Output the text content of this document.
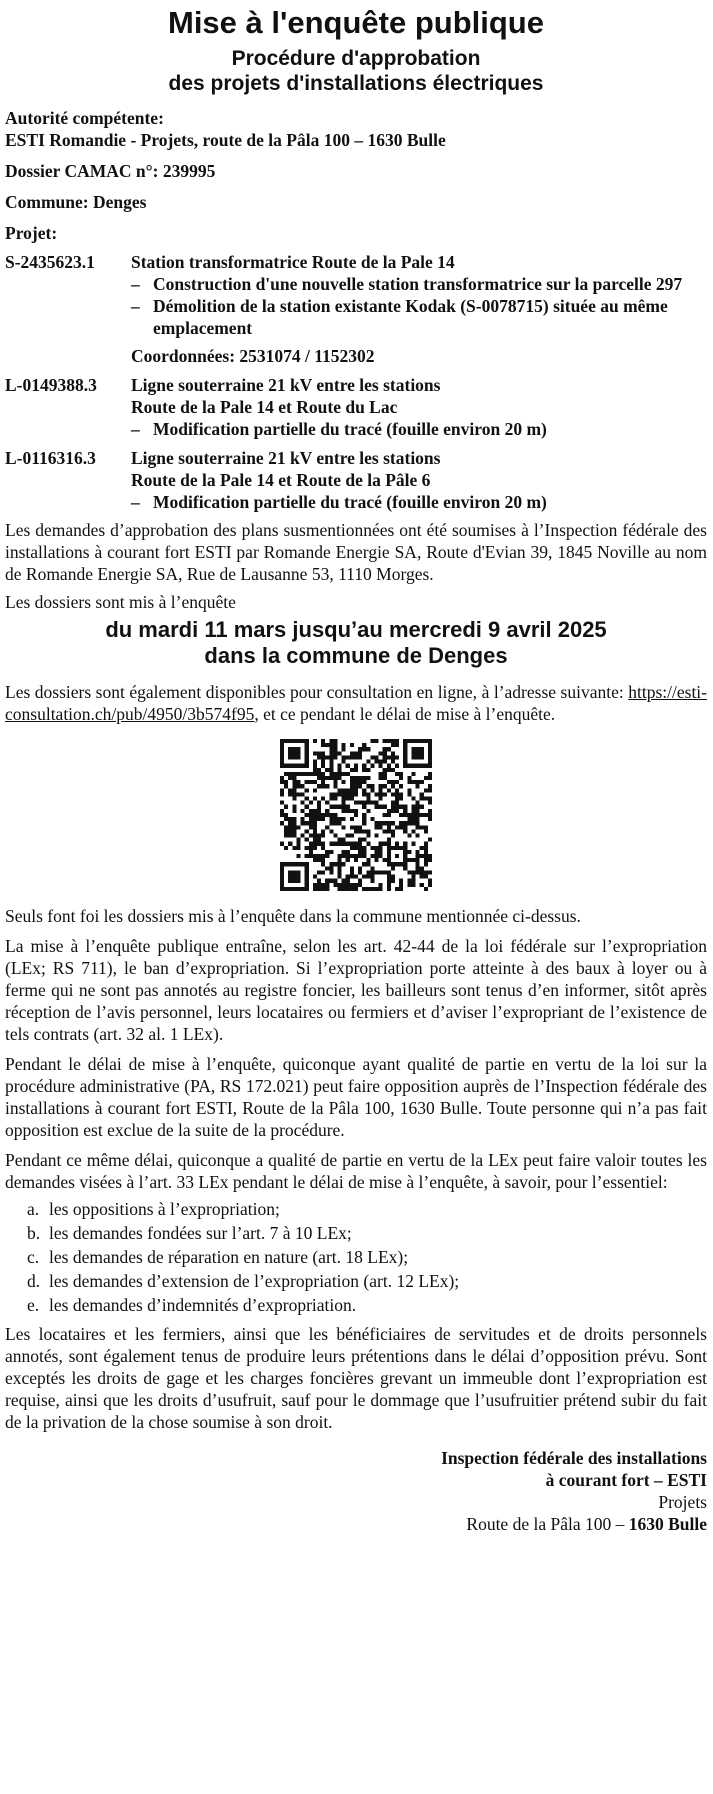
Mise à l'enquête publique
Procédure d'approbation
des projets d'installations électriques
Autorité compétente:
ESTI Romandie - Projets, route de la Pâla 100 – 1630 Bulle
Dossier CAMAC n°: 239995
Commune: Denges
Projet:
S-2435623.1	Station transformatrice Route de la Pale 14
– Construction d'une nouvelle station transformatrice sur la parcelle 297
– Démolition de la station existante Kodak (S-0078715) située au même emplacement
Coordonnées: 2531074 / 1152302
L-0149388.3	Ligne souterraine 21 kV entre les stations
Route de la Pale 14 et Route du Lac
– Modification partielle du tracé (fouille environ 20 m)
L-0116316.3	Ligne souterraine 21 kV entre les stations
Route de la Pale 14 et Route de la Pâle 6
– Modification partielle du tracé (fouille environ 20 m)

Les demandes d’approbation des plans susmentionnées ont été soumises à l’Inspection fédérale des installations à courant fort ESTI par Romande Energie SA, Route d'Evian 39, 1845 Noville au nom de Romande Energie SA, Rue de Lausanne 53, 1110 Morges.

Les dossiers sont mis à l’enquête

du mardi 11 mars jusqu’au mercredi 9 avril 2025
dans la commune de Denges

Les dossiers sont également disponibles pour consultation en ligne, à l’adresse suivante: https://esti-consultation.ch/pub/4950/3b574f95, et ce pendant le délai de mise à l’enquête.

Seuls font foi les dossiers mis à l’enquête dans la commune mentionnée ci-dessus.

La mise à l’enquête publique entraîne, selon les art. 42-44 de la loi fédérale sur l’expropriation (LEx; RS 711), le ban d’expropriation. Si l’expropriation porte atteinte à des baux à loyer ou à ferme qui ne sont pas annotés au registre foncier, les bailleurs sont tenus d’en informer, sitôt après réception de l’avis personnel, leurs locataires ou fermiers et d’aviser l’expropriant de l’existence de tels contrats (art. 32 al. 1 LEx).

Pendant le délai de mise à l’enquête, quiconque ayant qualité de partie en vertu de la loi sur la procédure administrative (PA, RS 172.021) peut faire opposition auprès de l’Inspection fédérale des installations à courant fort ESTI, Route de la Pâla 100, 1630 Bulle. Toute personne qui n’a pas fait opposition est exclue de la suite de la procédure.

Pendant ce même délai, quiconque a qualité de partie en vertu de la LEx peut faire valoir toutes les demandes visées à l’art. 33 LEx pendant le délai de mise à l’enquête, à savoir, pour l’essentiel:

a. les oppositions à l’expropriation;
b. les demandes fondées sur l’art. 7 à 10 LEx;
c. les demandes de réparation en nature (art. 18 LEx);
d. les demandes d’extension de l’expropriation (art. 12 LEx);
e. les demandes d’indemnités d’expropriation.

Les locataires et les fermiers, ainsi que les bénéficiaires de servitudes et de droits personnels annotés, sont également tenus de produire leurs prétentions dans le délai d’opposition prévu. Sont exceptés les droits de gage et les charges foncières grevant un immeuble dont l’expropriation est requise, ainsi que les droits d’usufruit, sauf pour le dommage que l’usufruitier prétend subir du fait de la privation de la chose soumise à son droit.

Inspection fédérale des installations
à courant fort – ESTI
Projets
Route de la Pâla 100 – 1630 Bulle
